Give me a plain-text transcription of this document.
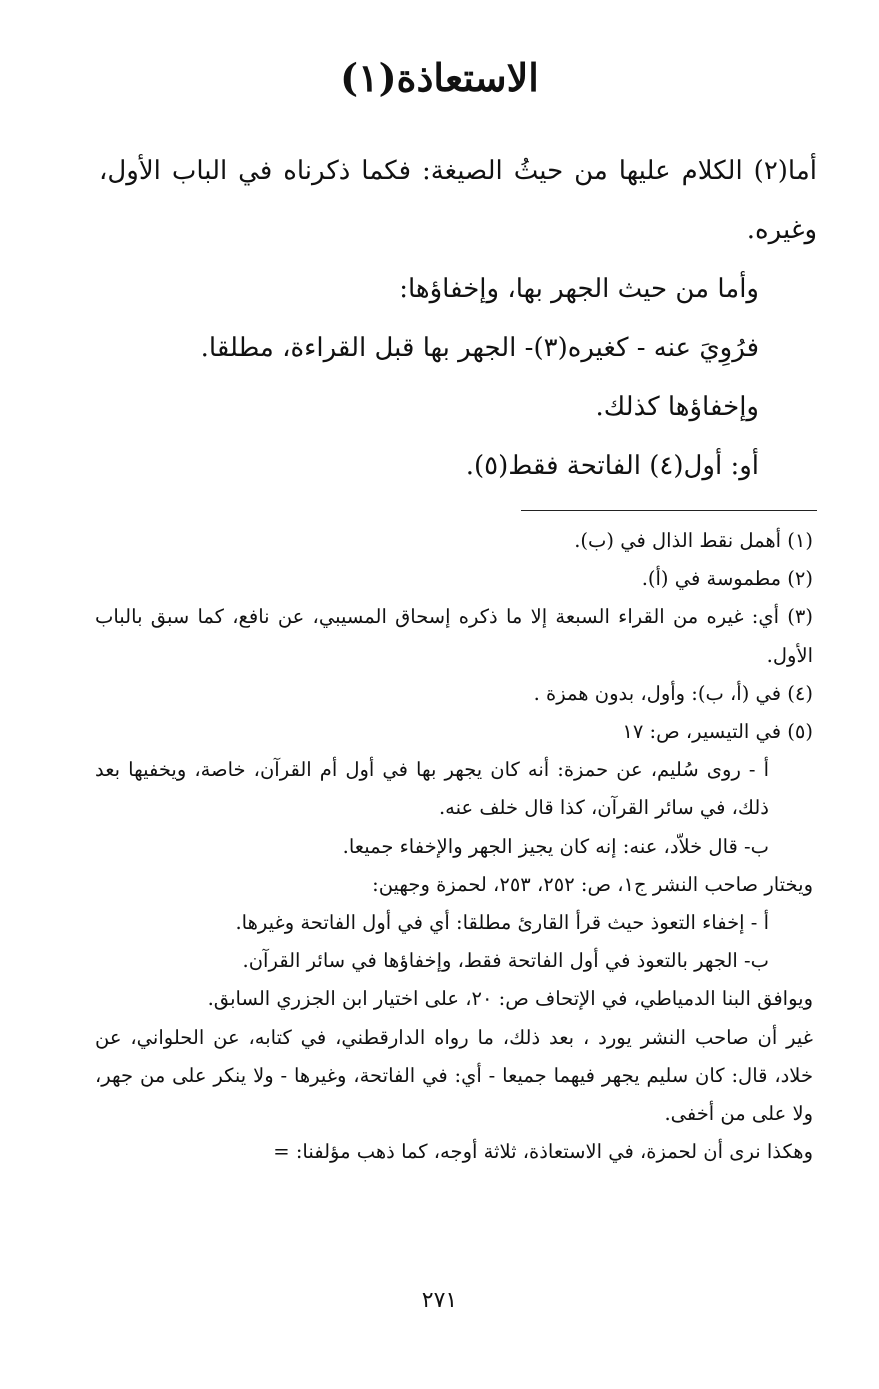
الاستعاذة(١)

أما(٢) الكلام عليها من حيثُ الصيغة: فكما ذكرناه في الباب الأول، وغيره.

وأما من حيث الجهر بها، وإخفاؤها:

فرُوِيَ عنه - كغيره(٣)- الجهر بها قبل القراءة، مطلقا.

وإخفاؤها كذلك.

أو: أول(٤) الفاتحة فقط(٥).

(١) أهمل نقط الذال في (ب).

(٢) مطموسة في (أ).

(٣) أي: غيره من القراء السبعة إلا ما ذكره إسحاق المسيبي، عن نافع، كما سبق بالباب الأول.

(٤) في (أ، ب): وأول، بدون همزة .

(٥) في التيسير، ص: ١٧

أ - روى سُليم، عن حمزة: أنه كان يجهر بها في أول أم القرآن، خاصة، ويخفيها بعد ذلك، في سائر القرآن، كذا قال خلف عنه.

ب- قال خلاّد، عنه: إنه كان يجيز الجهر والإخفاء جميعا.

ويختار صاحب النشر ج١، ص: ٢٥٢، ٢٥٣، لحمزة وجهين:

أ - إخفاء التعوذ حيث قرأ القارئ مطلقا: أي في أول الفاتحة وغيرها.

ب- الجهر بالتعوذ في أول الفاتحة فقط، وإخفاؤها في سائر القرآن.

ويوافق البنا الدمياطي، في الإتحاف ص: ٢٠، على اختيار ابن الجزري السابق.

غير أن صاحب النشر يورد ، بعد ذلك، ما رواه الدارقطني، في كتابه، عن الحلواني، عن خلاد، قال: كان سليم يجهر فيهما جميعا - أي: في الفاتحة، وغيرها - ولا ينكر على من جهر، ولا على من أخفى.

وهكذا نرى أن لحمزة، في الاستعاذة، ثلاثة أوجه، كما ذهب مؤلفنا: =

٢٧١
